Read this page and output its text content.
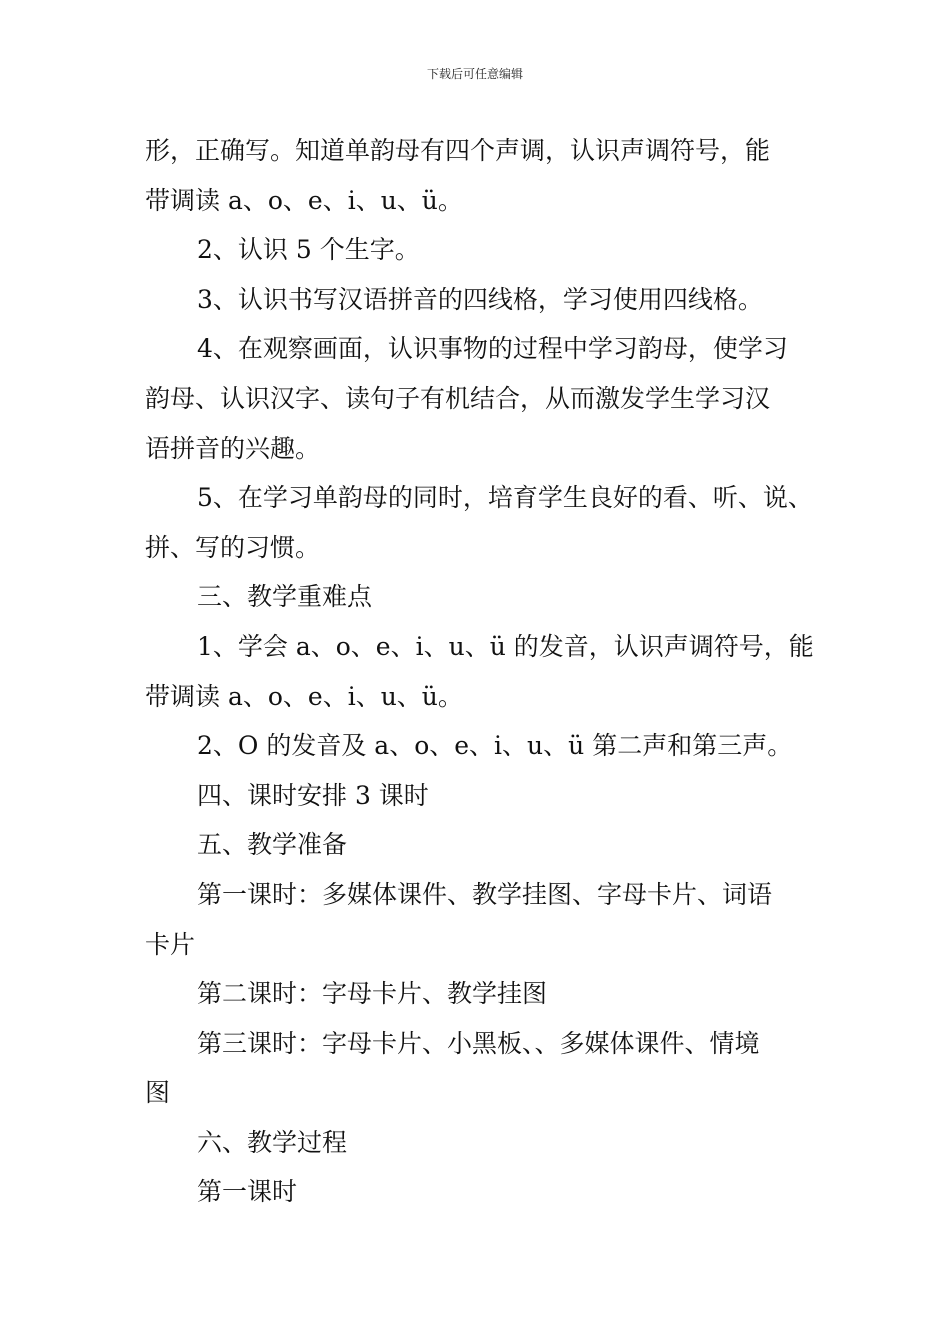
下载后可任意编辑

形，正确写。知道单韵母有四个声调，认识声调符号，能
带调读 a、o、e、i、u、ü。

2、认识 5 个生字。

3、认识书写汉语拼音的四线格，学习使用四线格。

4、在观察画面，认识事物的过程中学习韵母，使学习
韵母、认识汉字、读句子有机结合，从而激发学生学习汉
语拼音的兴趣。

5、在学习单韵母的同时，培育学生良好的看、听、说、
拼、写的习惯。

三、教学重难点

1、学会 a、o、e、i、u、ü 的发音，认识声调符号，能
带调读 a、o、e、i、u、ü。

2、O 的发音及 a、o、e、i、u、ü 第二声和第三声。

四、课时安排 3 课时

五、教学准备

第一课时：多媒体课件、教学挂图、字母卡片、词语
卡片

第二课时：字母卡片、教学挂图

第三课时：字母卡片、小黑板、、多媒体课件、情境
图

六、教学过程

第一课时
